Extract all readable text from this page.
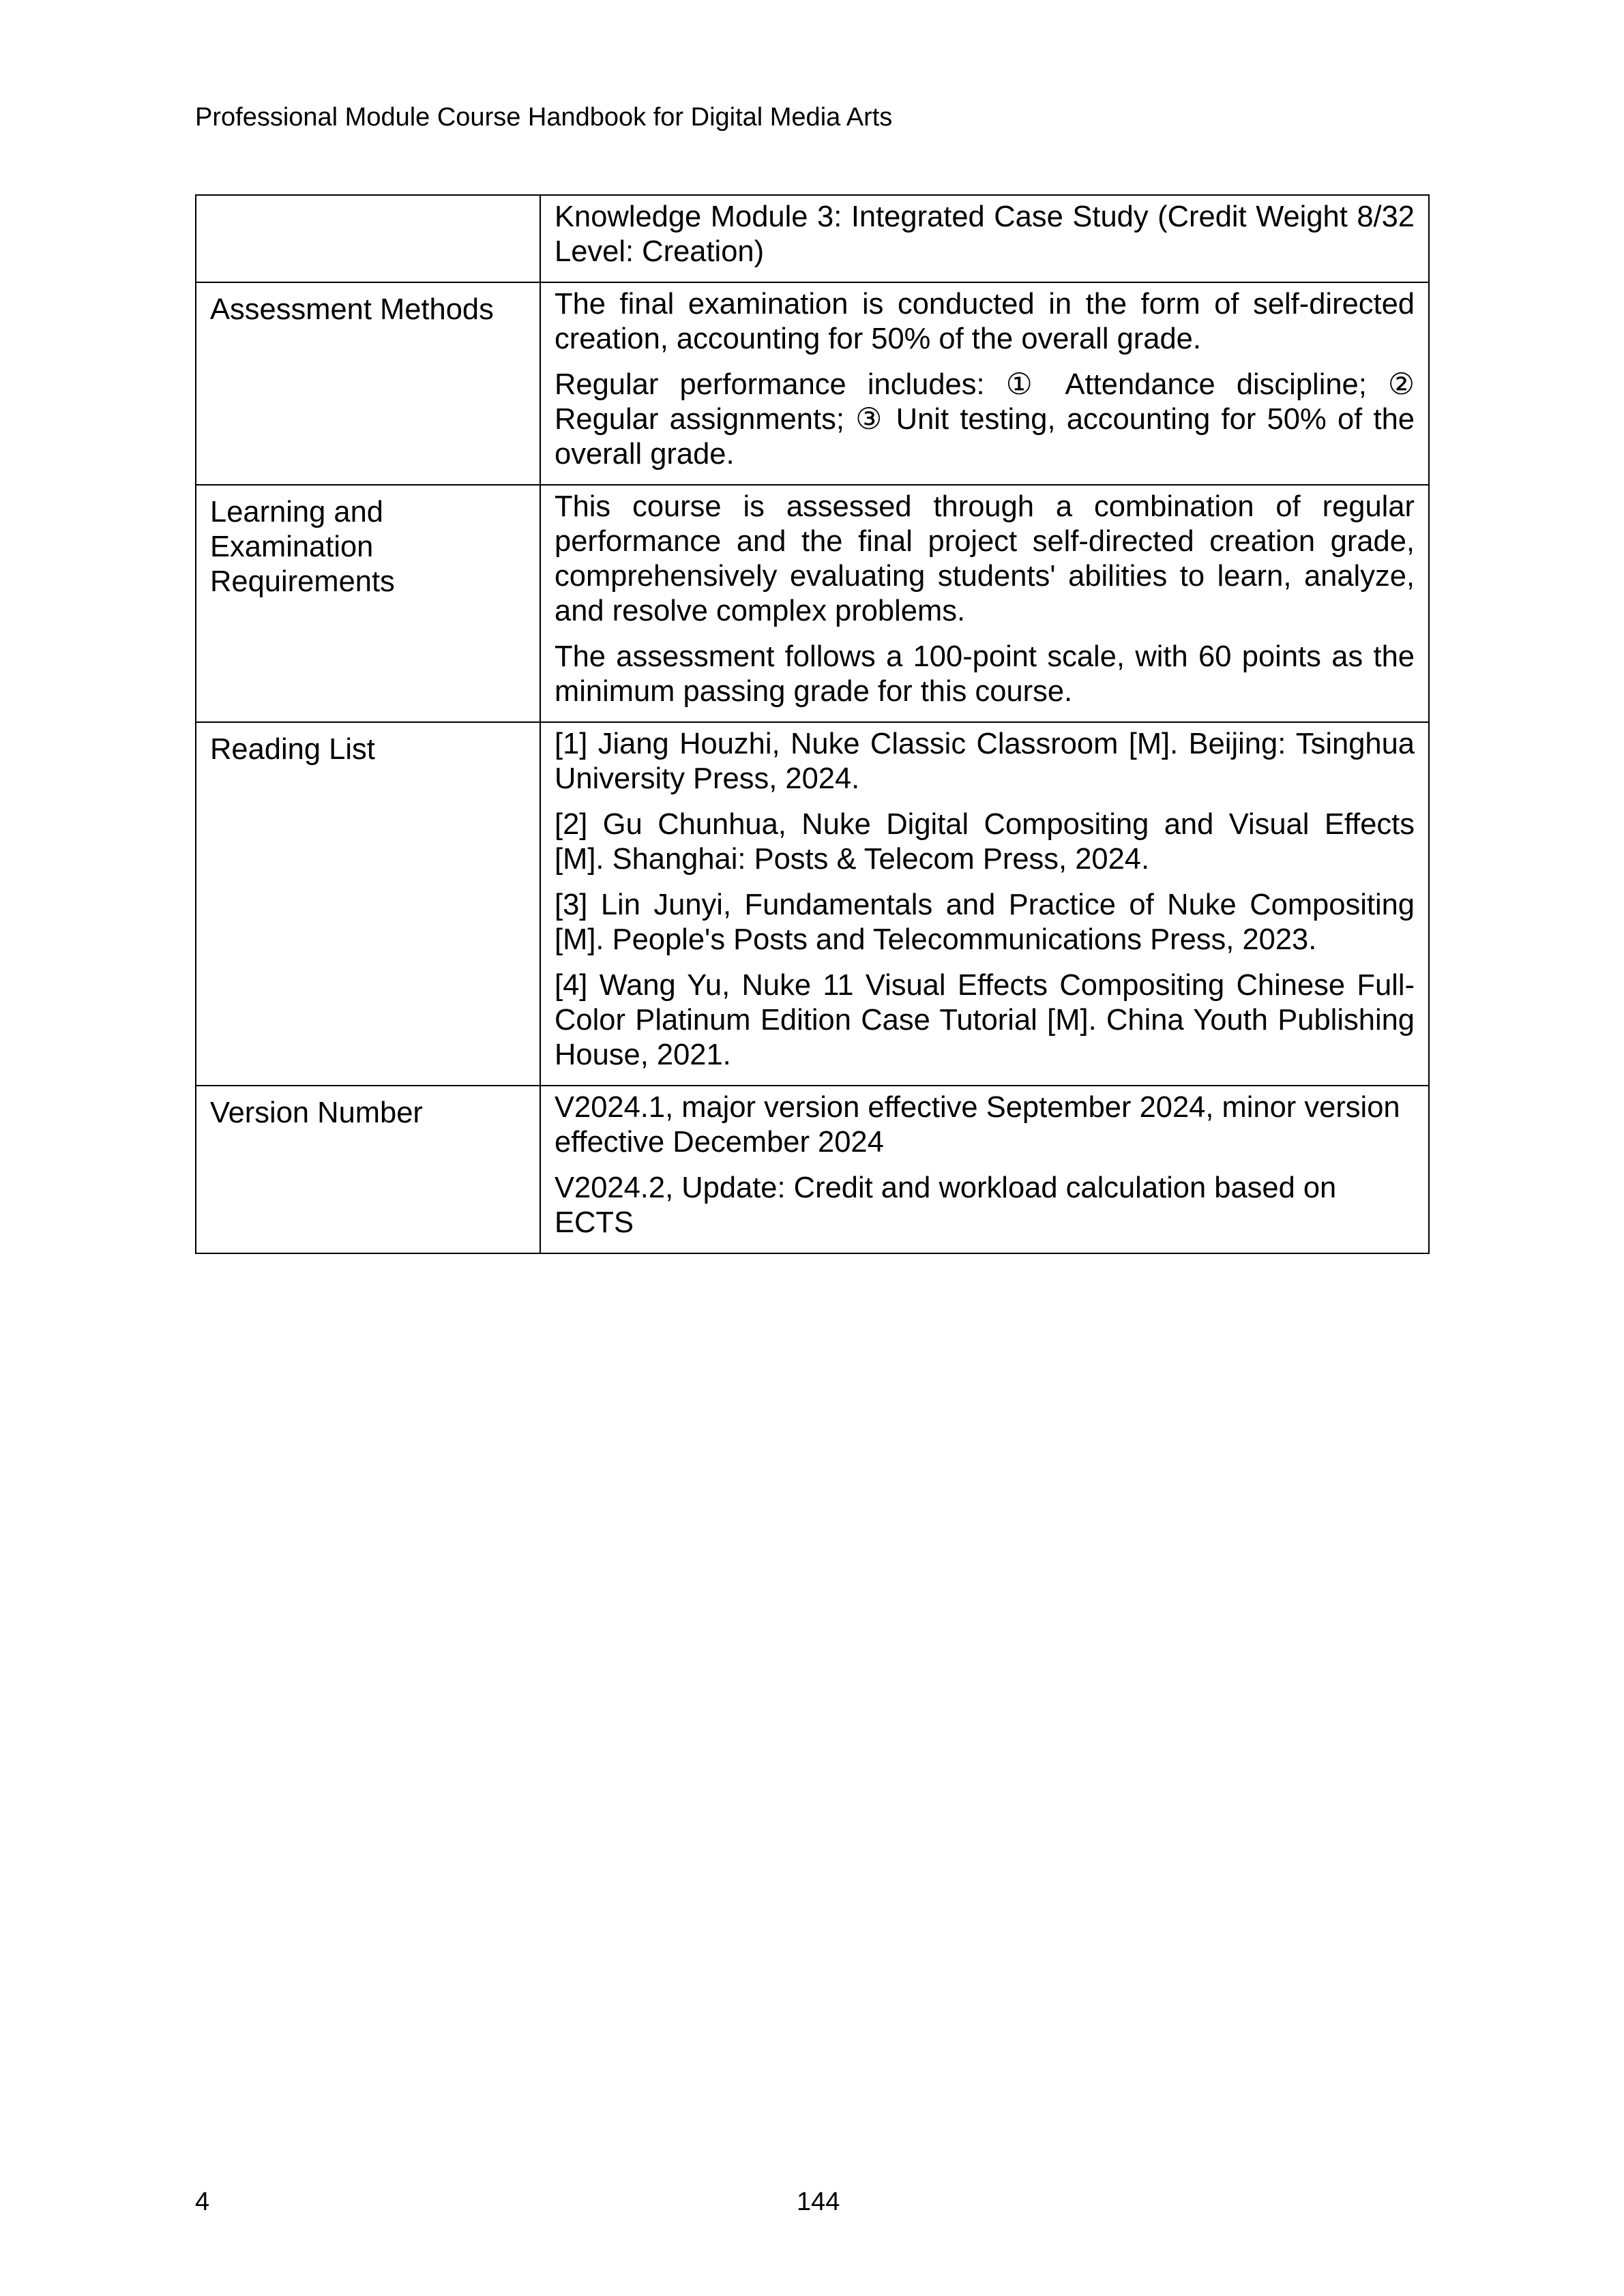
Professional Module Course Handbook for Digital Media Arts

	Knowledge Module 3: Integrated Case Study (Credit Weight 8/32 Level: Creation)

Assessment Methods	The final examination is conducted in the form of self-directed creation, accounting for 50% of the overall grade.

Regular performance includes: ① Attendance discipline; ② Regular assignments; ③ Unit testing, accounting for 50% of the overall grade.

Learning and Examination Requirements	This course is assessed through a combination of regular performance and the final project self-directed creation grade, comprehensively evaluating students' abilities to learn, analyze, and resolve complex problems.

The assessment follows a 100-point scale, with 60 points as the minimum passing grade for this course.

Reading List	[1] Jiang Houzhi, Nuke Classic Classroom [M]. Beijing: Tsinghua University Press, 2024.

[2] Gu Chunhua, Nuke Digital Compositing and Visual Effects [M]. Shanghai: Posts & Telecom Press, 2024.

[3] Lin Junyi, Fundamentals and Practice of Nuke Compositing [M]. People's Posts and Telecommunications Press, 2023.

[4] Wang Yu, Nuke 11 Visual Effects Compositing Chinese Full-Color Platinum Edition Case Tutorial [M]. China Youth Publishing House, 2021.

Version Number	V2024.1, major version effective September 2024, minor version effective December 2024

V2024.2, Update: Credit and workload calculation based on ECTS

4	144
